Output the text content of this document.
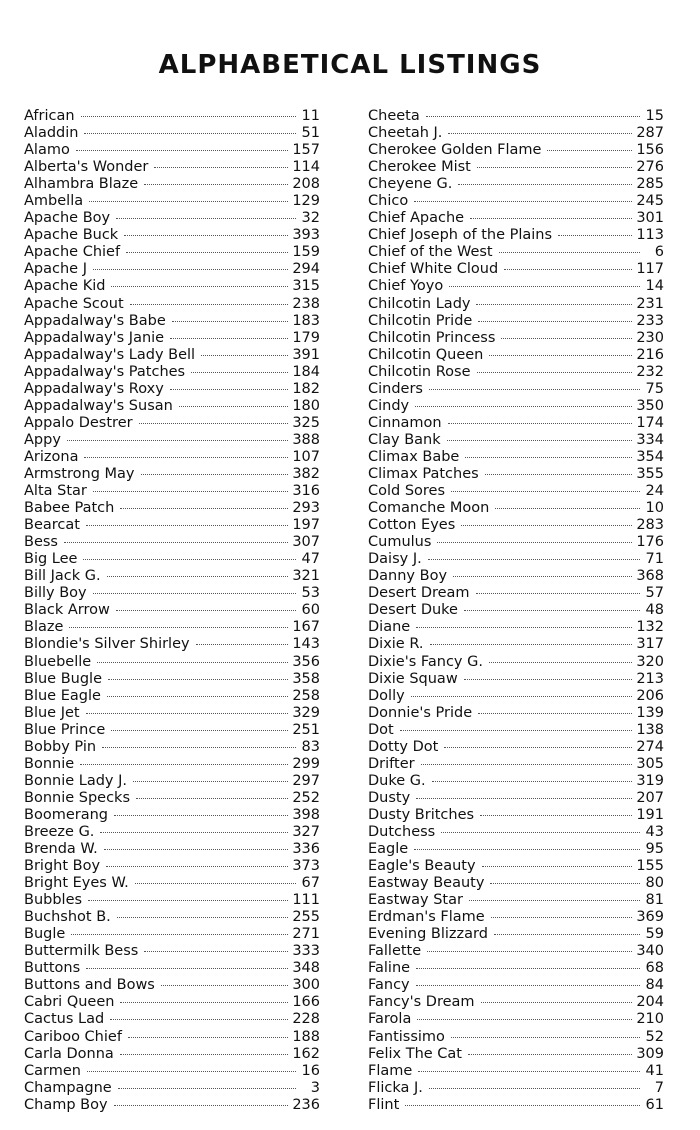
ALPHABETICAL LISTINGS
African	11
Aladdin	51
Alamo	157
Alberta's Wonder	114
Alhambra Blaze	208
Ambella	129
Apache Boy	32
Apache Buck	393
Apache Chief	159
Apache J	294
Apache Kid	315
Apache Scout	238
Appadalway's Babe	183
Appadalway's Janie	179
Appadalway's Lady Bell	391
Appadalway's Patches	184
Appadalway's Roxy	182
Appadalway's Susan	180
Appalo Destrer	325
Appy	388
Arizona	107
Armstrong May	382
Alta Star	316
Babee Patch	293
Bearcat	197
Bess	307
Big Lee	47
Bill Jack G.	321
Billy Boy	53
Black Arrow	60
Blaze	167
Blondie's Silver Shirley	143
Bluebelle	356
Blue Bugle	358
Blue Eagle	258
Blue Jet	329
Blue Prince	251
Bobby Pin	83
Bonnie	299
Bonnie Lady J.	297
Bonnie Specks	252
Boomerang	398
Breeze G.	327
Brenda W.	336
Bright Boy	373
Bright Eyes W.	67
Bubbles	111
Buchshot B.	255
Bugle	271
Buttermilk Bess	333
Buttons	348
Buttons and Bows	300
Cabri Queen	166
Cactus Lad	228
Cariboo Chief	188
Carla Donna	162
Carmen	16
Champagne	3
Champ Boy	236
Cheeta	15
Cheetah J.	287
Cherokee Golden Flame	156
Cherokee Mist	276
Cheyene G.	285
Chico	245
Chief Apache	301
Chief Joseph of the Plains	113
Chief of the West	6
Chief White Cloud	117
Chief Yoyo	14
Chilcotin Lady	231
Chilcotin Pride	233
Chilcotin Princess	230
Chilcotin Queen	216
Chilcotin Rose	232
Cinders	75
Cindy	350
Cinnamon	174
Clay Bank	334
Climax Babe	354
Climax Patches	355
Cold Sores	24
Comanche Moon	10
Cotton Eyes	283
Cumulus	176
Daisy J.	71
Danny Boy	368
Desert Dream	57
Desert Duke	48
Diane	132
Dixie R.	317
Dixie's Fancy G.	320
Dixie Squaw	213
Dolly	206
Donnie's Pride	139
Dot	138
Dotty Dot	274
Drifter	305
Duke G.	319
Dusty	207
Dusty Britches	191
Dutchess	43
Eagle	95
Eagle's Beauty	155
Eastway Beauty	80
Eastway Star	81
Erdman's Flame	369
Evening Blizzard	59
Fallette	340
Faline	68
Fancy	84
Fancy's Dream	204
Farola	210
Fantissimo	52
Felix The Cat	309
Flame	41
Flicka J.	7
Flint	61
